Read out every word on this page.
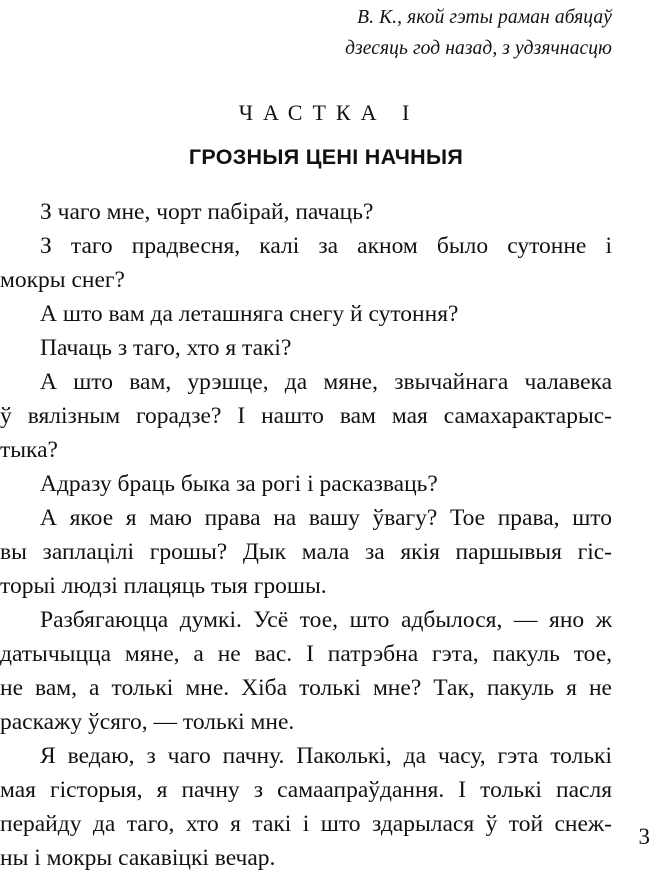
В. К., якой гэты раман абяцаў
дзесяць год назад, з удзячнасцю
ЧАСТКА І
ГРОЗНЫЯ ЦЕНІ НАЧНЫЯ

З чаго мне, чорт пабірай, пачаць?

З таго прадвесня, калі за акном было сутонне і
мокры снег?

А што вам да леташняга снегу й сутоння?

Пачаць з таго, хто я такі?

А што вам, урэшце, да мяне, звычайнага чалавека
ў вялізным горадзе? І нашто вам мая самахарактарыс-
тыка?

Адразу браць быка за рогі і расказваць?

А якое я маю права на вашу ўвагу? Тое права, што
вы заплацілі грошы? Дык мала за якія паршывыя гіс-
торыі людзі плацяць тыя грошы.

Разбягаюцца думкі. Усё тое, што адбылося, — яно ж
датычыцца мяне, а не вас. І патрэбна гэта, пакуль тое,
не вам, а толькі мне. Хіба толькі мне? Так, пакуль я не
раскажу ўсяго, — толькі мне.

Я ведаю, з чаго пачну. Паколькі, да часу, гэта толькі
мая гісторыя, я пачну з самаапраўдання. І толькі пасля
перайду да таго, хто я такі і што здарылася ў той снеж-
ны і мокры сакавіцкі вечар.

3
